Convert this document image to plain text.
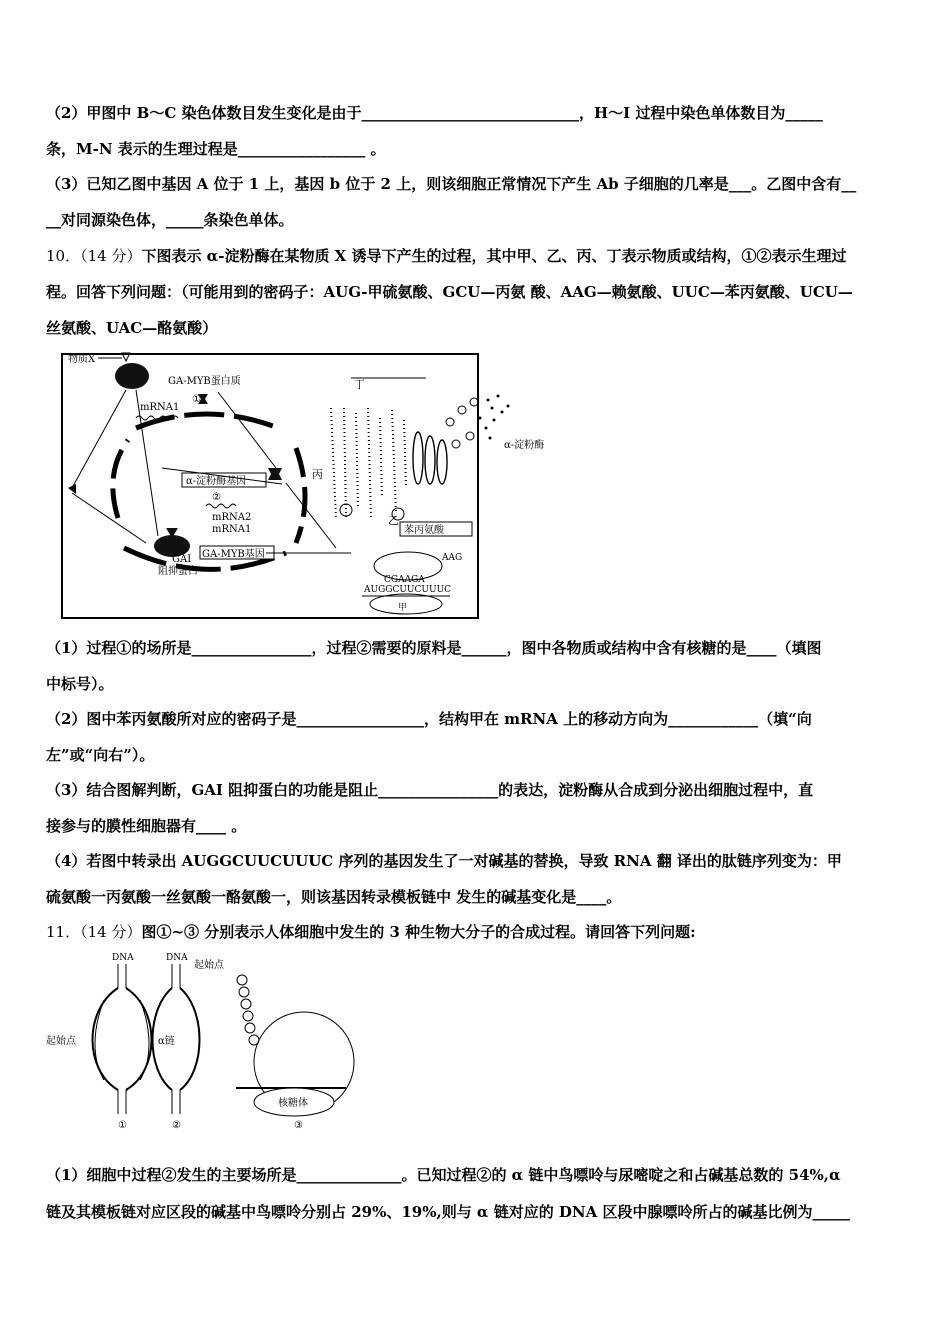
（2）甲图中 B～C 染色体数目发生变化是由于_____________________________，H～I 过程中染色单体数目为_____
条，M-N 表示的生理过程是_________________ 。
（3）已知乙图中基因 A 位于 1 上，基因 b 位于 2 上，则该细胞正常情况下产生 Ab 子细胞的几率是___。乙图中含有__
__对同源染色体，_____条染色单体。
10．（14 分）下图表示 α-淀粉酶在某物质 X 诱导下产生的过程，其中甲、乙、丙、丁表示物质或结构，①②表示生理过
程。回答下列问题：（可能用到的密码子：AUG-甲硫氨酸、GCU—丙氨 酸、AAG—赖氨酸、UUC—苯丙氨酸、UCU—
丝氨酸、UAC—酪氨酸）
物质X
GA-MYB蛋白质
①
mRNA1
α-淀粉酶基因
②
mRNA2
mRNA1
GAI
阻抑蛋白
GA-MYB基因
α-淀粉酶
丁
丙
乙
苯丙氨酸
AAG
CGAAGA
AUGGCUUCUUUC
甲
（1）过程①的场所是________________，过程②需要的原料是______，图中各物质或结构中含有核糖的是____（填图
中标号）。
（2）图中苯丙氨酸所对应的密码子是_________________，结构甲在 mRNA 上的移动方向为____________（填“向
左”或“向右”）。
（3）结合图解判断，GAI 阻抑蛋白的功能是阻止________________的表达，淀粉酶从合成到分泌出细胞过程中，直
接参与的膜性细胞器有____ 。
（4）若图中转录出 AUGGCUUCUUUC 序列的基因发生了一对碱基的替换，导致 RNA 翻 译出的肽链序列变为：甲
硫氨酸一丙氨酸一丝氨酸一酪氨酸一，则该基因转录模板链中 发生的碱基变化是____。
11．（14 分）图①~③ 分别表示人体细胞中发生的 3 种生物大分子的合成过程。请回答下列问题:
DNA
起始点
①
DNA
起始点
α链
②
核糖体
③
（1）细胞中过程②发生的主要场所是______________。已知过程②的 α 链中鸟嘌呤与尿嘧啶之和占碱基总数的 54%,α
链及其模板链对应区段的碱基中鸟嘌呤分别占 29%、19%,则与 α 链对应的 DNA 区段中腺嘌呤所占的碱基比例为_____
